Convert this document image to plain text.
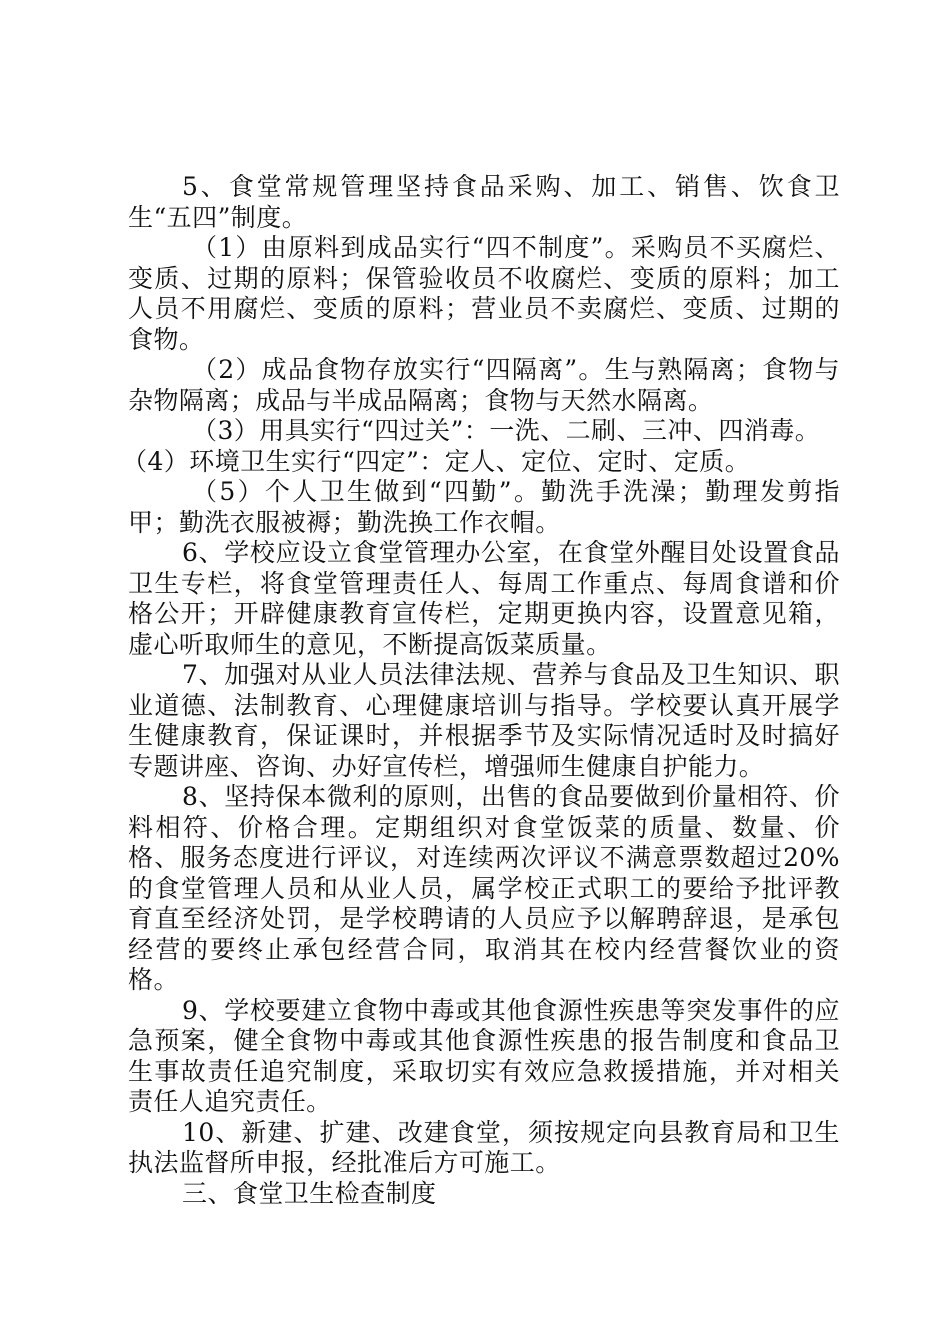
5、食堂常规管理坚持食品采购、加工、销售、饮食卫生“五四”制度。

（1）由原料到成品实行“四不制度”。采购员不买腐烂、变质、过期的原料；保管验收员不收腐烂、变质的原料；加工人员不用腐烂、变质的原料；营业员不卖腐烂、变质、过期的食物。

（2）成品食物存放实行“四隔离”。生与熟隔离；食物与杂物隔离；成品与半成品隔离；食物与天然水隔离。

（3）用具实行“四过关”：一洗、二刷、三冲、四消毒。

（4）环境卫生实行“四定”：定人、定位、定时、定质。

（5）个人卫生做到“四勤”。勤洗手洗澡；勤理发剪指甲；勤洗衣服被褥；勤洗换工作衣帽。

6、学校应设立食堂管理办公室，在食堂外醒目处设置食品卫生专栏，将食堂管理责任人、每周工作重点、每周食谱和价格公开；开辟健康教育宣传栏，定期更换内容，设置意见箱，虚心听取师生的意见，不断提高饭菜质量。

7、加强对从业人员法律法规、营养与食品及卫生知识、职业道德、法制教育、心理健康培训与指导。学校要认真开展学生健康教育，保证课时，并根据季节及实际情况适时及时搞好专题讲座、咨询、办好宣传栏，增强师生健康自护能力。

8、坚持保本微利的原则，出售的食品要做到价量相符、价料相符、价格合理。定期组织对食堂饭菜的质量、数量、价格、服务态度进行评议，对连续两次评议不满意票数超过20%的食堂管理人员和从业人员，属学校正式职工的要给予批评教育直至经济处罚，是学校聘请的人员应予以解聘辞退，是承包经营的要终止承包经营合同，取消其在校内经营餐饮业的资格。

9、学校要建立食物中毒或其他食源性疾患等突发事件的应急预案，健全食物中毒或其他食源性疾患的报告制度和食品卫生事故责任追究制度，采取切实有效应急救援措施，并对相关责任人追究责任。

10、新建、扩建、改建食堂，须按规定向县教育局和卫生执法监督所申报，经批准后方可施工。

三、食堂卫生检查制度
